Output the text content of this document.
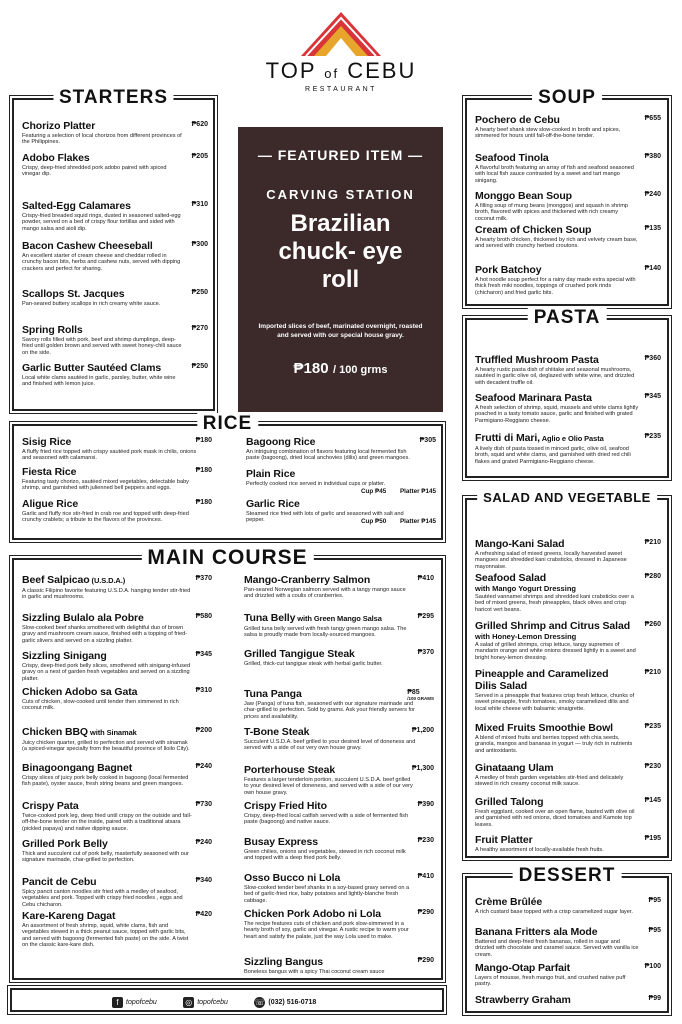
TOP of CEBU
RESTAURANT
STARTERS
Chorizo Platter	₱620
Featuring a selection of local chorizos from different provinces of the Philippines.
Adobo Flakes	₱205
Crispy, deep-fried shredded pork adobo paired with spiced vinegar dip.
Salted-Egg Calamares	₱310
Crispy-fried breaded squid rings, dusted in seasoned salted-egg powder, served on a bed of crispy flour tortillas and sided with mango salsa and aioli dip.
Bacon Cashew Cheeseball	₱300
An excellent starter of cream cheese and cheddar rolled in crunchy bacon bits, herbs and cashew nuts, served with dipping crackers and perfect for sharing.
Scallops St. Jacques	₱250
Pan-seared buttery scallops in rich creamy white sauce.
Spring Rolls	₱270
Savory rolls filled with pork, beef and shrimp dumplings, deep-fried until golden brown and served with sweet honey-chili sauce on the side.
Garlic Butter Sautéed Clams	₱250
Local white clams sautéed in garlic, parsley, butter, white wine and finished with lemon juice.
— FEATURED ITEM —
CARVING STATION
Brazilian chuck- eye roll
Imported slices of beef, marinated overnight, roasted and served with our special house gravy.
₱180 / 100 grms
SOUP
Pochero de Cebu	₱655
A hearty beef shank stew slow-cooked in broth and spices, simmered for hours until fall-off-the-bone tender.
Seafood Tinola	₱380
A flavorful broth featuring an array of fish and seafood seasoned with local fish sauce contrasted by a sweet and tart mango sinigang.
Monggo Bean Soup	₱240
A filling soup of mung beans (monggos) and squash in shrimp broth, flavored with spices and thickened with rich creamy coconut milk.
Cream of Chicken Soup	₱135
A hearty broth chicken, thickened by rich and velvety cream base, and served with crunchy herbed croutons.
Pork Batchoy	₱140
A hot noodle soup perfect for a rainy day made extra special with thick fresh miki noodles, toppings of crushed pork rinds (chicharon) and fried garlic bits.
PASTA
Truffled Mushroom Pasta	₱360
A hearty rustic pasta dish of shiitake and seasonal mushrooms, sautéed in garlic olive oil, deglazed with white wine, and drizzled with decadent truffle oil.
Seafood Marinara Pasta	₱345
A fresh selection of shrimp, squid, mussels and white clams lightly poached in a tasty tomato sauce, garlic and finished with grated Parmigiano-Reggiano cheese.
Frutti di Mari, Aglio e Olio Pasta	₱235
A lively dish of pasta tossed in minced garlic, olive oil, seafood broth, squid and white clams, and garnished with dried red chili flakes and grated Parmigiano-Reggiano cheese.
RICE
Sisig Rice	₱180
A fluffy fried rice topped with crispy sautéed pork mask in chilis, onions and seasoned with calamansi.
Fiesta Rice	₱180
Featuring tasty chorizo, sautéed mixed vegetables, delectable baby shrimp, and garnished with julienned bell peppers and eggs.
Aligue Rice	₱180
Garlic and fluffy rice stir-fried in crab roe and topped with deep-fried crunchy crablets; a tribute to the flavors of the provinces.
Bagoong Rice	₱305
An intriguing combination of flavors featuring local fermented fish paste (bagoong), dried local anchovies (dilis) and green mangoes.
Plain Rice
Perfectly cooked rice served in individual cups or platter.
Cup ₱45 Platter ₱145
Garlic Rice
Steamed rice fried with lots of garlic and seasoned with salt and pepper.	Cup ₱50 Platter ₱145
MAIN COURSE
Beef Salpicao (U.S.D.A.)	₱370
A classic Filipino favorite featuring U.S.D.A. hanging tender stir-fried in garlic and mushrooms.
Sizzling Bulalo ala Pobre	₱580
Slow-cooked beef shanks smothered with delightful duo of brown gravy and mushroom cream sauce, finished with a topping of fried-garlic slivers and served on a sizzling platter.
Sizzling Sinigang	₱345
Crispy, deep-fried pork belly slices, smothered with sinigang-infused gravy on a nest of garden fresh vegetables and served on a sizzling platter.
Chicken Adobo sa Gata	₱310
Cuts of chicken, slow-cooked until tender then simmered in rich coconut milk.
Chicken BBQ with Sinamak	₱200
Juicy chicken quarter, grilled to perfection and served with sinamak (a spiced-vinegar specialty from the beautiful province of Iloilo City).
Binagoongang Bagnet	₱240
Crispy slices of juicy pork belly cooked in bagoong (local fermented fish paste), oyster sauce, fresh string beans and green mangoes.
Crispy Pata	₱730
Twice-cooked pork leg, deep fried until crispy on the outside and fall-off-the-bone tender on the inside, paired with a traditional atsara (pickled papaya) and native dipping sauce.
Grilled Pork Belly	₱240
Thick and succulent cut of pork belly, masterfully seasoned with our signature marinade, char-grilled to perfection.
Pancit de Cebu	₱340
Spicy pancit canton noodles stir fried with a medley of seafood, vegetables and pork. Topped with crispy fried noodles , eggs and Cebu chicharon.
Kare-Kareng Dagat	₱420
An assortment of fresh shrimp, squid, white clams, fish and vegetables stewed in a thick peanut sauce, topped with garlic bits, and served with bagoong (fermented fish paste) on the side. A twist on the classic kare-kare dish.
Mango-Cranberry Salmon	₱410
Pan-seared Norwegian salmon served with a tangy mango sauce and drizzled with a coulis of cranberries.
Tuna Belly with Green Mango Salsa	₱295
Grilled tuna belly served with fresh tangy green mango salsa. The salsa is proudly made from locally-sourced mangoes.
Grilled Tangigue Steak	₱370
Grilled, thick-cut tangigue steak with herbal garlic butter.
Tuna Panga	₱85
/100 GRAMS
Jaw (Panga) of tuna fish, seasoned with our signature marinade and char-grilled to perfection. Sold by grams. Ask your friendly servers for prices and availability.
T-Bone Steak	₱1,200
Succulent U.S.D.A. beef grilled to your desired level of doneness and served with a side of our very own house gravy.
Porterhouse Steak	₱1,300
Features a larger tenderloin portion, succulent U.S.D.A. beef grilled to your desired level of doneness, and served with a side of our very own house gravy.
Crispy Fried Hito	₱390
Crispy, deep-fried local catfish served with a side of fermented fish paste (bagoong) and native sauce.
Busay Express	₱230
Green chilies, onions and vegetables, stewed in rich coconut milk and topped with a deep fried pork belly.
Osso Bucco ni Lola	₱410
Slow-cooked tender beef shanks in a soy-based gravy served on a bed of garlic-fried rice, baby potatoes and lightly-blanche fresh cabbage.
Chicken Pork Adobo ni Lola	₱290
The recipe features cuts of chicken and pork slow-simmered in a hearty broth of soy, garlic and vinegar. A rustic recipe to warm your heart and satisfy the palate, just the way Lola used to make.
Sizzling Bangus	₱290
Boneless bangus with a spicy Thai coconut cream sauce
SALAD AND VEGETABLE
Mango-Kani Salad	₱210
A refreshing salad of mixed greens, locally harvested sweet mangoes and shredded kani crabsticks, dressed in Japanese mayonnaise.
Seafood Salad
with Mango Yogurt Dressing
₱280
Sautéed vannamei shrimps and shredded kani crabsticks over a bed of mixed greens, fresh pineapples, black olives and crisp haricot vert beans.
Grilled Shrimp and Citrus Salad
with Honey-Lemon Dressing
₱260
A salad of grilled shrimps, crisp lettuce, tangy supremes of mandarin orange and white onions dressed lightly in a sweet and bright honey-lemon dressing.
Pineapple and Caramelized
Dilis Salad
₱210
Served in a pineapple that features crisp fresh lettuce, chunks of sweet pineapple, fresh tomatoes, smoky caramelized dilis and local white cheese with balsamic vinaigrette.
Mixed Fruits Smoothie Bowl	₱235
A blend of mixed fruits and berries topped with chia seeds, granola, mangos and bananas in yogurt — truly rich in nutrients and antioxidants.
Ginataang Ulam	₱230
A medley of fresh garden vegetables stir-fried and delicately stewed in rich creamy coconut milk sauce.
Grilled Talong	₱145
Fresh eggplant, cooked over an open flame, basted with olive oil and garnished with red onions, diced tomatoes and Kamote top leaves.
Fruit Platter	₱195
A healthy assortment of locally-available fresh fruits.
DESSERT
Crème Brûlée	₱95
A rich custard base topped with a crisp caramelized sugar layer.
Banana Fritters ala Mode	₱95
Battered and deep-fried fresh bananas, rolled in sugar and drizzled with chocolate and caramel sauce. Served with vanilla ice cream.
Mango-Otap Parfait	₱100
Layers of mousse, fresh mango fruit, and crushed native puff pastry.
Strawberry Graham	₱99
f topofcebu	◎ topofcebu	☏ (032) 516-0718
